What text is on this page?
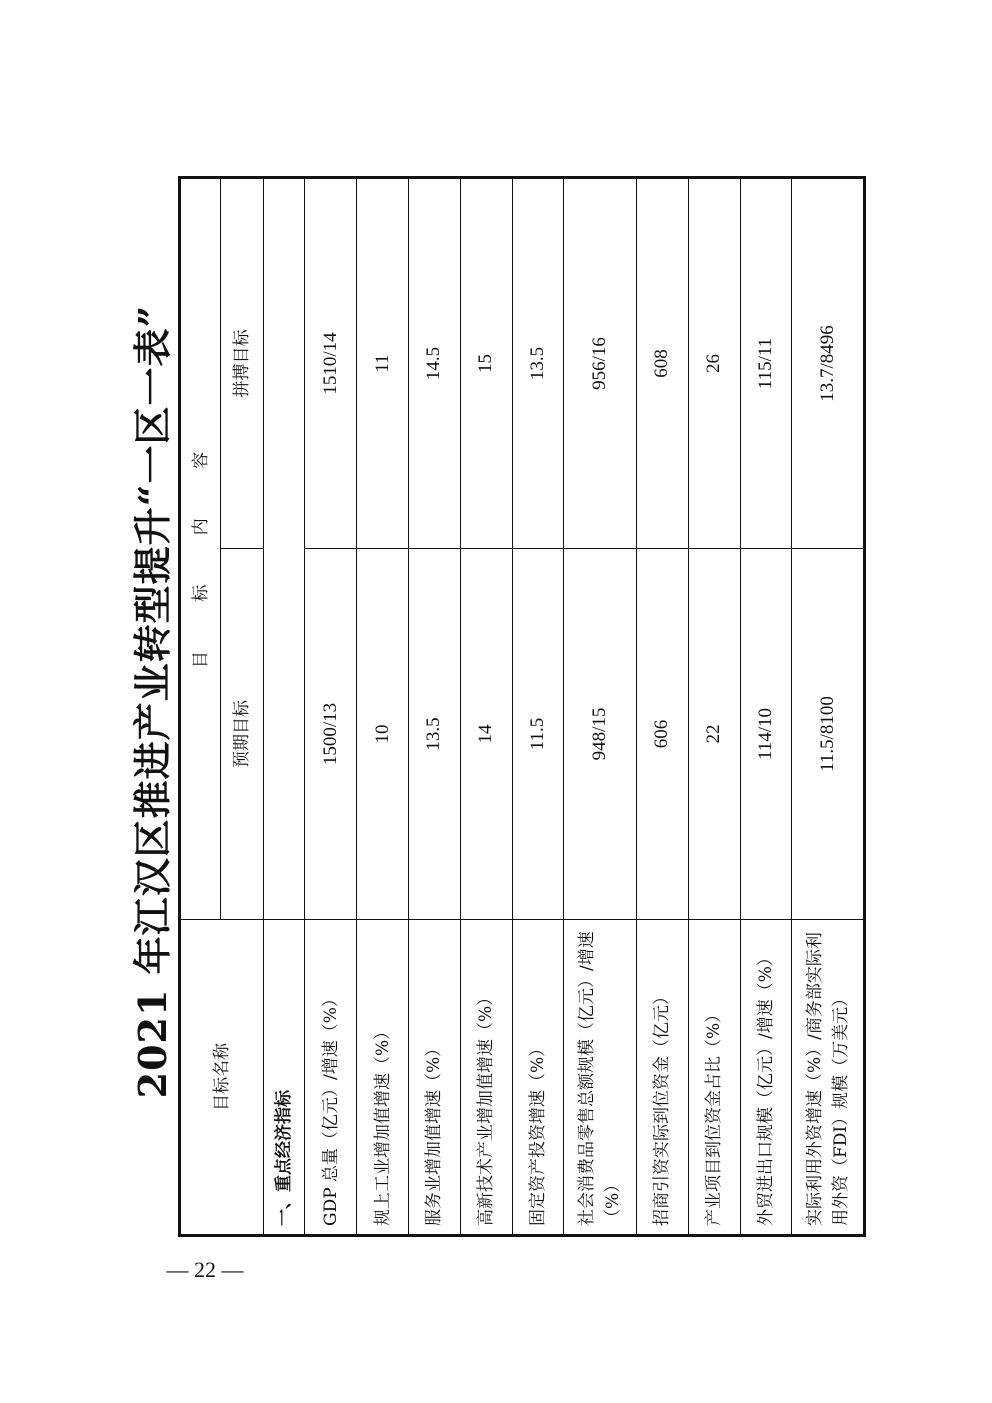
2021 年江汉区推进产业转型提升“一区一表” 目标名称	目 标 内 容	
	预期目标	拼搏目标
一、重点经济指标		
GDP 总量（亿元）/增速（%）	1500/13	1510/14
规上工业增加值增速（%）	10	11
服务业增加值增速（%）	13.5	14.5
高新技术产业增加值增速（%）	14	15
固定资产投资增速（%）	11.5	13.5
社会消费品零售总额规模（亿元）/增速（%）	948/15	956/16
招商引资实际到位资金（亿元）	606	608
产业项目到位资金占比（%）	22	26
外贸进出口规模（亿元）/增速（%）	114/10	115/11
实际利用外资增速（%）/商务部实际利用外资（FDI）规模（万美元）	11.5/8100	13.7/8496
— 22 —
